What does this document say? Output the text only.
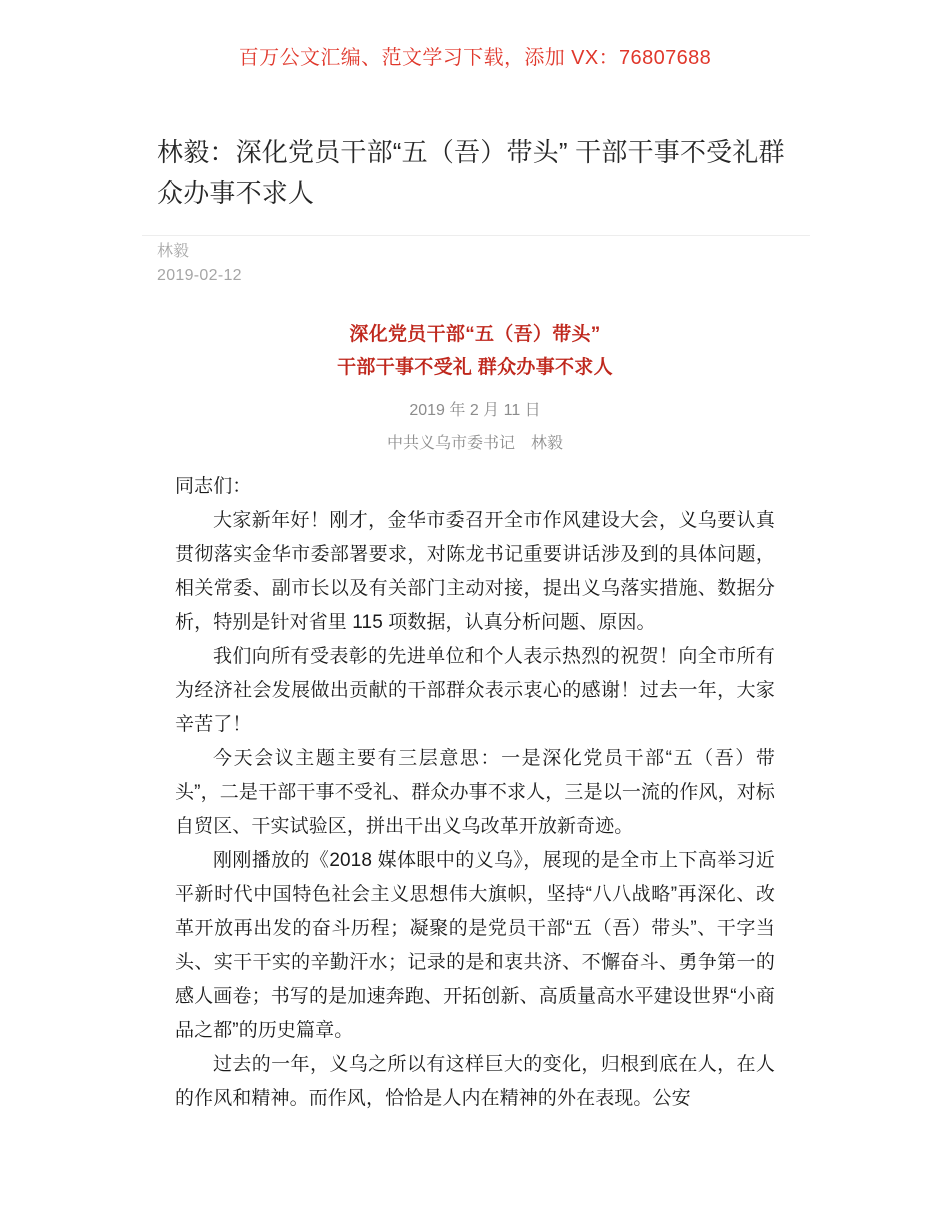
百万公文汇编、范文学习下载，添加 VX：76807688
林毅：深化党员干部“五（吾）带头” 干部干事不受礼群众办事不求人
林毅
2019-02-12
深化党员干部“五（吾）带头”
干部干事不受礼 群众办事不求人
2019 年 2 月 11 日
中共义乌市委书记　林毅

同志们：

大家新年好！刚才，金华市委召开全市作风建设大会，义乌要认真贯彻落实金华市委部署要求，对陈龙书记重要讲话涉及到的具体问题，相关常委、副市长以及有关部门主动对接，提出义乌落实措施、数据分析，特别是针对省里 115 项数据，认真分析问题、原因。

我们向所有受表彰的先进单位和个人表示热烈的祝贺！向全市所有为经济社会发展做出贡献的干部群众表示衷心的感谢！过去一年，大家辛苦了！

今天会议主题主要有三层意思：一是深化党员干部“五（吾）带头”，二是干部干事不受礼、群众办事不求人，三是以一流的作风，对标自贸区、干实试验区，拼出干出义乌改革开放新奇迹。

刚刚播放的《2018 媒体眼中的义乌》，展现的是全市上下高举习近平新时代中国特色社会主义思想伟大旗帜，坚持“八八战略”再深化、改革开放再出发的奋斗历程；凝聚的是党员干部“五（吾）带头”、干字当头、实干干实的辛勤汗水；记录的是和衷共济、不懈奋斗、勇争第一的感人画卷；书写的是加速奔跑、开拓创新、高质量高水平建设世界“小商品之都”的历史篇章。

过去的一年，义乌之所以有这样巨大的变化，归根到底在人，在人的作风和精神。而作风，恰恰是人内在精神的外在表现。公安
